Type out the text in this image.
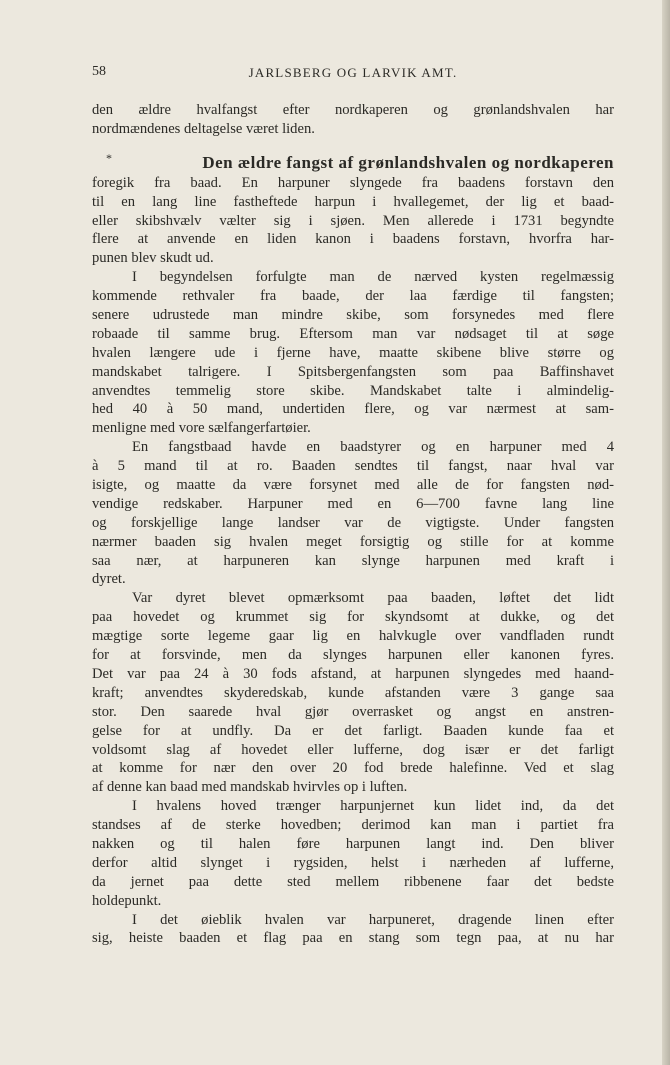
58	JARLSBERG OG LARVIK AMT.
den ældre hvalfangst efter nordkaperen og grønlandshvalen har
nordmændenes deltagelse været liden.
*	Den ældre fangst af grønlandshvalen og nordkaperen
foregik fra baad. En harpuner slyngede fra baadens forstavn den
til en lang line fastheftede harpun i hvallegemet, der lig et baad-
eller skibshvælv vælter sig i sjøen. Men allerede i 1731 begyndte
flere at anvende en liden kanon i baadens forstavn, hvorfra har-
punen blev skudt ud.
I begyndelsen forfulgte man de nærved kysten regelmæssig
kommende rethvaler fra baade, der laa færdige til fangsten;
senere udrustede man mindre skibe, som forsynedes med flere
robaade til samme brug. Eftersom man var nødsaget til at søge
hvalen længere ude i fjerne have, maatte skibene blive større og
mandskabet talrigere. I Spitsbergenfangsten som paa Baffinshavet
anvendtes temmelig store skibe. Mandskabet talte i almindelig-
hed 40 à 50 mand, undertiden flere, og var nærmest at sam-
menligne med vore sælfangerfartøier.
En fangstbaad havde en baadstyrer og en harpuner med 4
à 5 mand til at ro. Baaden sendtes til fangst, naar hval var
isigte, og maatte da være forsynet med alle de for fangsten nød-
vendige redskaber. Harpuner med en 6—700 favne lang line
og forskjellige lange landser var de vigtigste. Under fangsten
nærmer baaden sig hvalen meget forsigtig og stille for at komme
saa nær, at harpuneren kan slynge harpunen med kraft i
dyret.
Var dyret blevet opmærksomt paa baaden, løftet det lidt
paa hovedet og krummet sig for skyndsomt at dukke, og det
mægtige sorte legeme gaar lig en halvkugle over vandfladen rundt
for at forsvinde, men da slynges harpunen eller kanonen fyres.
Det var paa 24 à 30 fods afstand, at harpunen slyngedes med haand-
kraft; anvendtes skyderedskab, kunde afstanden være 3 gange saa
stor. Den saarede hval gjør overrasket og angst en anstren-
gelse for at undfly. Da er det farligt. Baaden kunde faa et
voldsomt slag af hovedet eller lufferne, dog især er det farligt
at komme for nær den over 20 fod brede halefinne. Ved et slag
af denne kan baad med mandskab hvirvles op i luften.
I hvalens hoved trænger harpunjernet kun lidet ind, da det
standses af de sterke hovedben; derimod kan man i partiet fra
nakken og til halen føre harpunen langt ind. Den bliver
derfor altid slynget i rygsiden, helst i nærheden af lufferne,
da jernet paa dette sted mellem ribbenene faar det bedste
holdepunkt.
I det øieblik hvalen var harpuneret, dragende linen efter
sig, heiste baaden et flag paa en stang som tegn paa, at nu har
